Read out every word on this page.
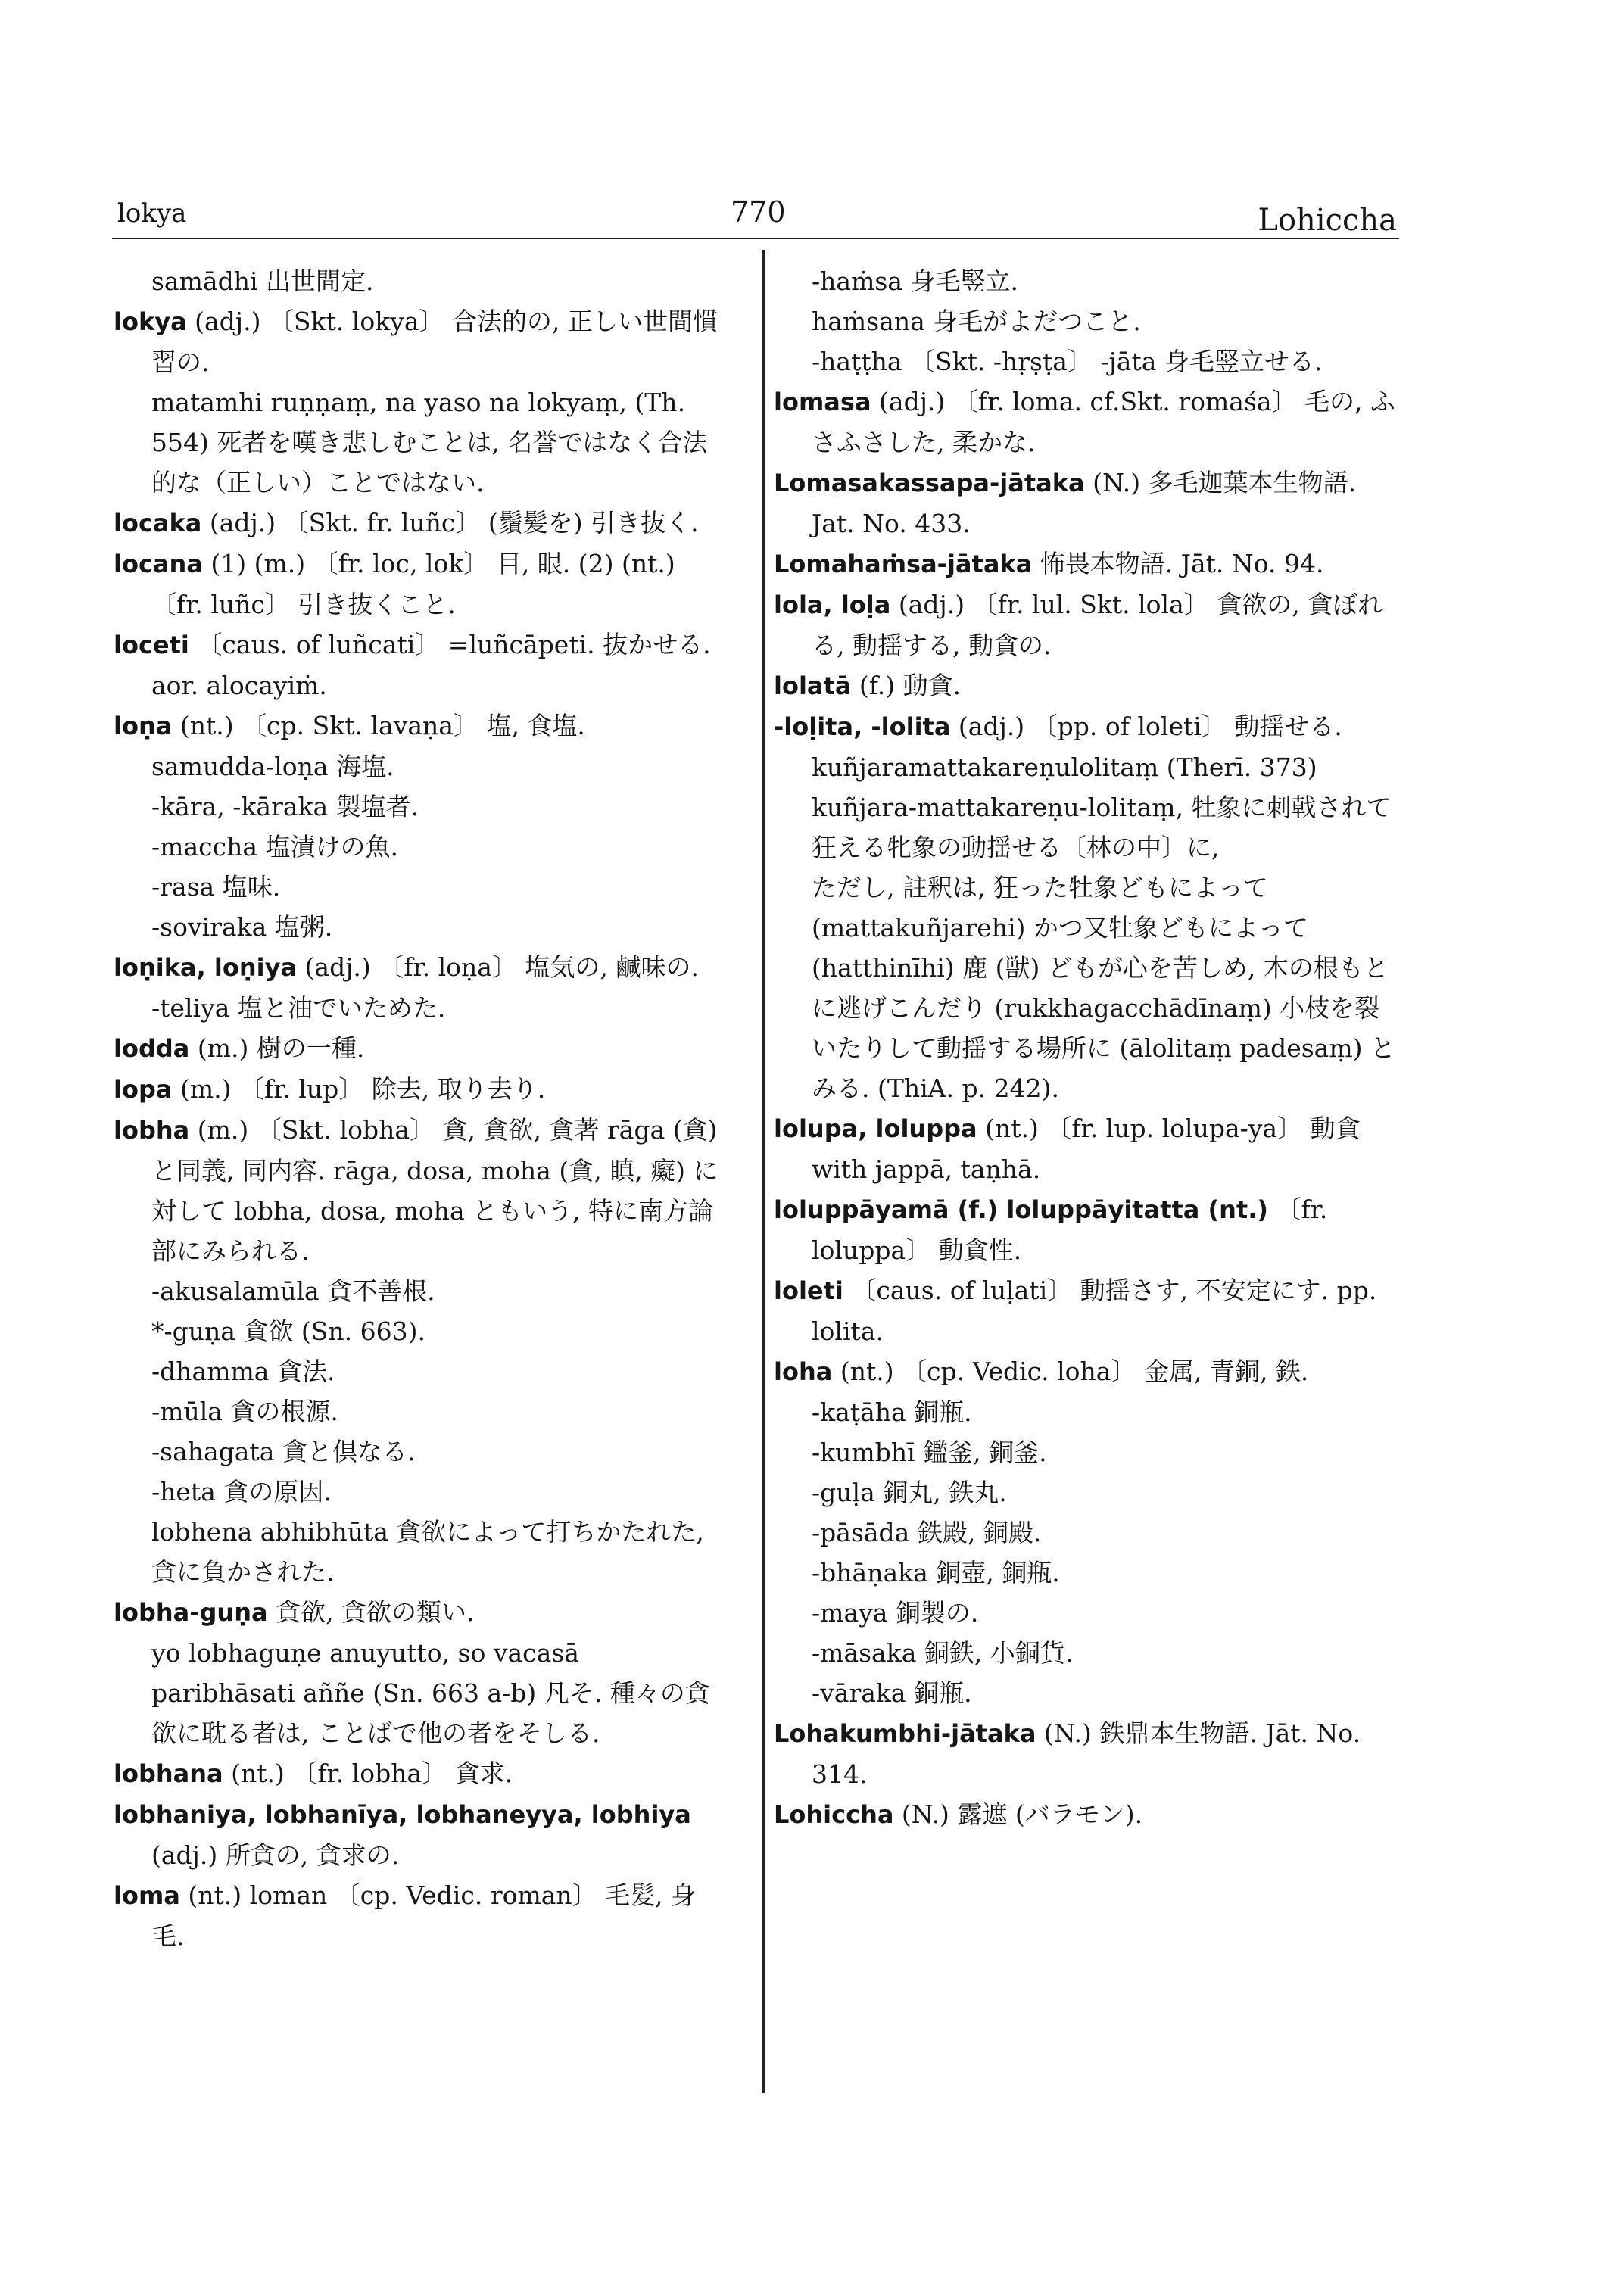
lokya	770	Lohiccha

samādhi 出世間定.

lokya (adj.) 〔Skt. lokya〕 合法的の, 正しい世間慣習の.

matamhi ruṇṇaṃ, na yaso na lokyaṃ, (Th. 554) 死者を嘆き悲しむことは, 名誉ではなく合法的な（正しい）ことではない.

locaka (adj.) 〔Skt. fr. luñc〕 (鬚髪を) 引き抜く.

locana (1) (m.) 〔fr. loc, lok〕 目, 眼. (2) (nt.) 〔fr. luñc〕 引き抜くこと.

loceti 〔caus. of luñcati〕 =luñcāpeti. 抜かせる. aor. alocayiṁ.

loṇa (nt.) 〔cp. Skt. lavaṇa〕 塩, 食塩.

samudda-loṇa 海塩.

-kāra, -kāraka 製塩者.

-maccha 塩漬けの魚.

-rasa 塩味.

-soviraka 塩粥.

loṇika, loṇiya (adj.) 〔fr. loṇa〕 塩気の, 鹹味の.

-teliya 塩と油でいためた.

lodda (m.) 樹の一種.

lopa (m.) 〔fr. lup〕 除去, 取り去り.

lobha (m.) 〔Skt. lobha〕 貪, 貪欲, 貪著 rāga (貪) と同義, 同内容. rāga, dosa, moha (貪, 瞋, 癡) に対して lobha, dosa, moha ともいう, 特に南方論部にみられる.

-akusalamūla 貪不善根.

*-guṇa 貪欲 (Sn. 663).

-dhamma 貪法.

-mūla 貪の根源.

-sahagata 貪と倶なる.

-heta 貪の原因.

lobhena abhibhūta 貪欲によって打ちかたれた, 貪に負かされた.

lobha-guṇa 貪欲, 貪欲の類い.

yo lobhaguṇe anuyutto, so vacasā paribhāsati aññe (Sn. 663 a-b) 凡そ. 種々の貪欲に耽る者は, ことばで他の者をそしる.

lobhana (nt.) 〔fr. lobha〕 貪求.

lobhaniya, lobhanīya, lobhaneyya, lobhiya (adj.) 所貪の, 貪求の.

loma (nt.) loman 〔cp. Vedic. roman〕 毛髪, 身毛.

-haṁsa 身毛竪立.

haṁsana 身毛がよだつこと.

-haṭṭha 〔Skt. -hṛṣṭa〕 -jāta 身毛竪立せる.

lomasa (adj.) 〔fr. loma. cf.Skt. romaśa〕 毛の, ふさふさした, 柔かな.

Lomasakassapa-jātaka (N.) 多毛迦葉本生物語. Jat. No. 433.

Lomahaṁsa-jātaka 怖畏本物語. Jāt. No. 94.

lola, loḷa (adj.) 〔fr. lul. Skt. lola〕 貪欲の, 貪ぼれる, 動揺する, 動貪の.

lolatā (f.) 動貪.

-loḷita, -lolita (adj.) 〔pp. of loleti〕 動揺せる.

kuñjaramattakareṇulolitaṃ (Therī. 373) kuñjara-mattakareṇu-lolitaṃ, 牡象に刺戟されて狂える牝象の動揺せる〔林の中〕に,

ただし, 註釈は, 狂った牡象どもによって (mattakuñjarehi) かつ又牡象どもによって (hatthinīhi) 鹿 (獣) どもが心を苦しめ, 木の根もとに逃げこんだり (rukkhagacchādīnaṃ) 小枝を裂いたりして動揺する場所に (ālolitaṃ padesaṃ) とみる. (ThiA. p. 242).

lolupa, loluppa (nt.) 〔fr. lup. lolupa-ya〕 動貪 with jappā, taṇhā.

loluppāyamā (f.) loluppāyitatta (nt.) 〔fr. loluppa〕 動貪性.

loleti 〔caus. of luḷati〕 動揺さす, 不安定にす. pp. lolita.

loha (nt.) 〔cp. Vedic. loha〕 金属, 青銅, 鉄.

-kaṭāha 銅瓶.

-kumbhī 鑑釜, 銅釜.

-guḷa 銅丸, 鉄丸.

-pāsāda 鉄殿, 銅殿.

-bhāṇaka 銅壺, 銅瓶.

-maya 銅製の.

-māsaka 銅鉄, 小銅貨.

-vāraka 銅瓶.

Lohakumbhi-jātaka (N.) 鉄鼎本生物語. Jāt. No. 314.

Lohiccha (N.) 露遮 (バラモン).
